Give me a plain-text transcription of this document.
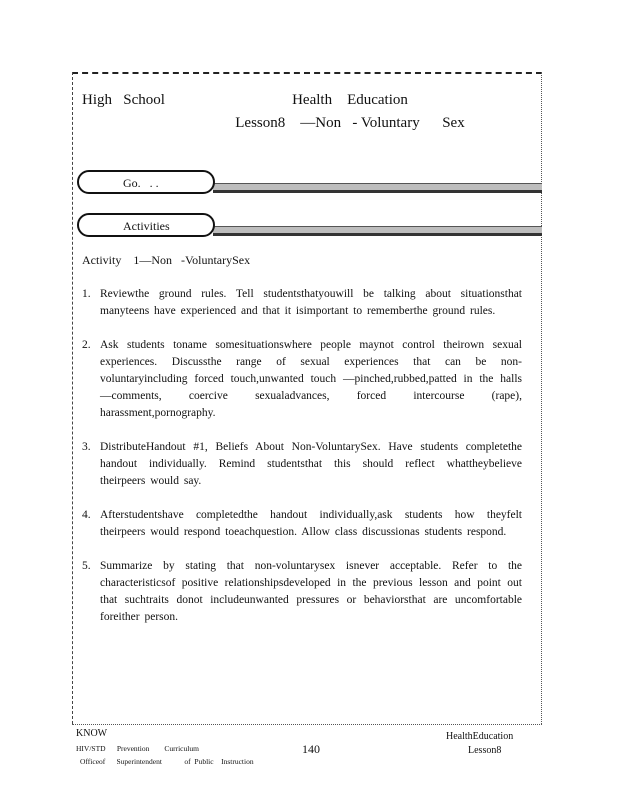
High   School	Health    Education
Lesson8    —Non   - Voluntary      Sex
Go.   . .
Activities
Activity    1—Non   -VoluntarySex
1. Reviewthe ground rules. Tell studentsthatyouwill be talking about situationsthat manyteens have experienced and that it isimportant to rememberthe ground rules.
2. Ask students toname somesituationswhere people maynot control theirown sexual experiences. Discussthe range of sexual experiences that can be non-voluntaryincluding forced touch,unwanted touch —pinched,rubbed,patted in the halls —comments, coercive sexualadvances, forced intercourse (rape), harassment,pornography.
3. DistributeHandout #1, Beliefs About Non-VoluntarySex. Have students completethe handout individually. Remind studentsthat this should reflect whattheybelieve theirpeers would say.
4. Afterstudentshave completedthe handout individually,ask students how theyfelt theirpeers would respond toeachquestion. Allow class discussionas students respond.
5. Summarize by stating that non-voluntarysex isnever acceptable. Refer to the characteristicsof positive relationshipsdeveloped in the previous lesson and point out that suchtraits donot includeunwanted pressures or behaviorsthat are uncomfortable foreither person.
KNOW
HIV/STD      Prevention        Curriculum
Officeof      Superintendent            of  Public    Instruction
140
HealthEducation
Lesson8
